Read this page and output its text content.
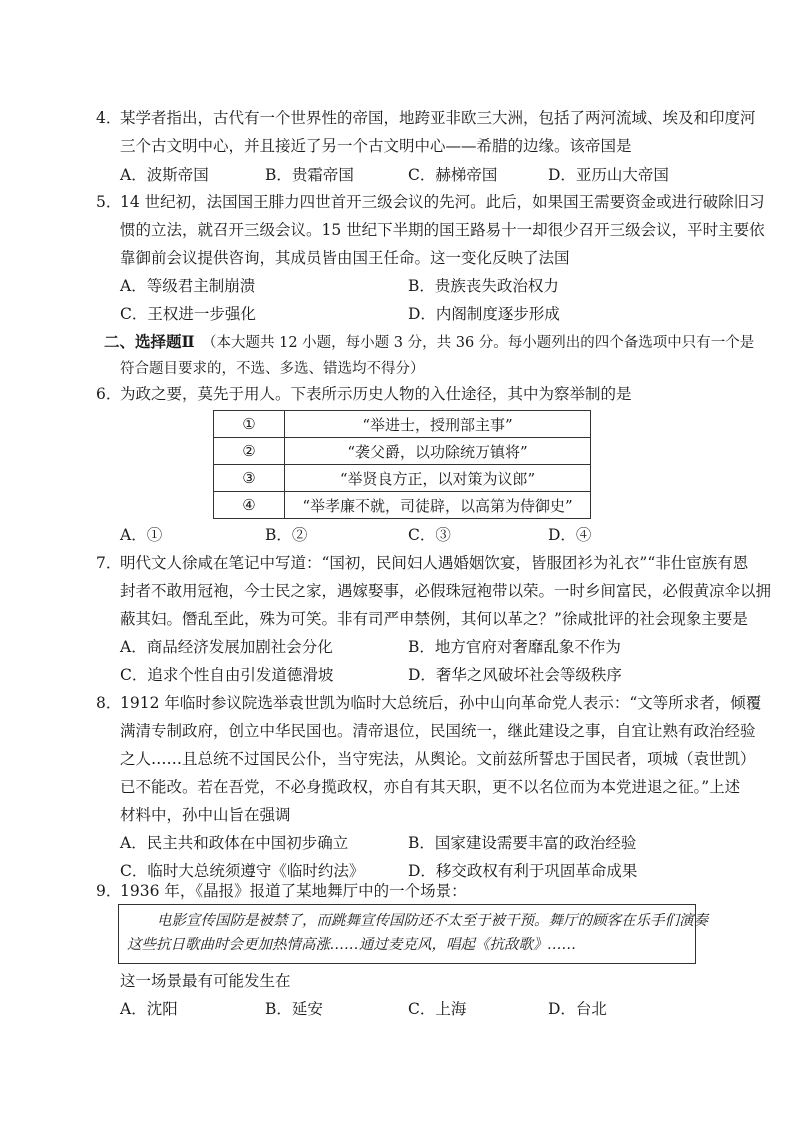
4．
某学者指出，古代有一个世界性的帝国，地跨亚非欧三大洲，包括了两河流域、埃及和印度河
三个古文明中心，并且接近了另一个古文明中心——希腊的边缘。该帝国是
A．波斯帝国	B．贵霜帝国	C．赫梯帝国	D．亚历山大帝国
5．
14 世纪初，法国国王腓力四世首开三级会议的先河。此后，如果国王需要资金或进行破除旧习
惯的立法，就召开三级会议。15 世纪下半期的国王路易十一却很少召开三级会议，平时主要依
靠御前会议提供咨询，其成员皆由国王任命。这一变化反映了法国
A．等级君主制崩溃	B．贵族丧失政治权力
C．王权进一步强化	D．内阁制度逐步形成
二、选择题Ⅱ （本大题共 12 小题，每小题 3 分，共 36 分。每小题列出的四个备选项中只有一个是
符合题目要求的，不选、多选、错选均不得分）
6．
为政之要，莫先于用人。下表所示历史人物的入仕途径，其中为察举制的是
①	“举进士，授刑部主事”
②	“袭父爵，以功除统万镇将”
③	“举贤良方正，以对策为议郎”
④	“举孝廉不就，司徒辟，以高第为侍御史”
A．①	B．②	C．③	D．④
7．
明代文人徐咸在笔记中写道：“国初，民间妇人遇婚姻饮宴，皆服团衫为礼衣”“非仕宦族有恩
封者不敢用冠袍，今士民之家，遇嫁娶事，必假珠冠袍带以荣。一时乡间富民，必假黄凉伞以拥
蔽其妇。僭乱至此，殊为可笑。非有司严申禁例，其何以革之？”徐咸批评的社会现象主要是
A．商品经济发展加剧社会分化	B．地方官府对奢靡乱象不作为
C．追求个性自由引发道德滑坡	D．奢华之风破坏社会等级秩序
8．
1912 年临时参议院选举袁世凯为临时大总统后，孙中山向革命党人表示：“文等所求者，倾覆
满清专制政府，创立中华民国也。清帝退位，民国统一，继此建设之事，自宜让熟有政治经验
之人……且总统不过国民公仆，当守宪法，从舆论。文前兹所誓忠于国民者，项城（袁世凯）
已不能改。若在吾党，不必身揽政权，亦自有其天职，更不以名位而为本党进退之征。”上述
材料中，孙中山旨在强调
A．民主共和政体在中国初步确立	B．国家建设需要丰富的政治经验
C．临时大总统须遵守《临时约法》	D．移交政权有利于巩固革命成果
9．
1936 年，《晶报》报道了某地舞厅中的一个场景：
电影宣传国防是被禁了，而跳舞宣传国防还不太至于被干预。舞厅的顾客在乐手们演奏
这些抗日歌曲时会更加热情高涨……通过麦克风，唱起《抗敌歌》……
这一场景最有可能发生在
A．沈阳	B．延安	C．上海	D．台北
